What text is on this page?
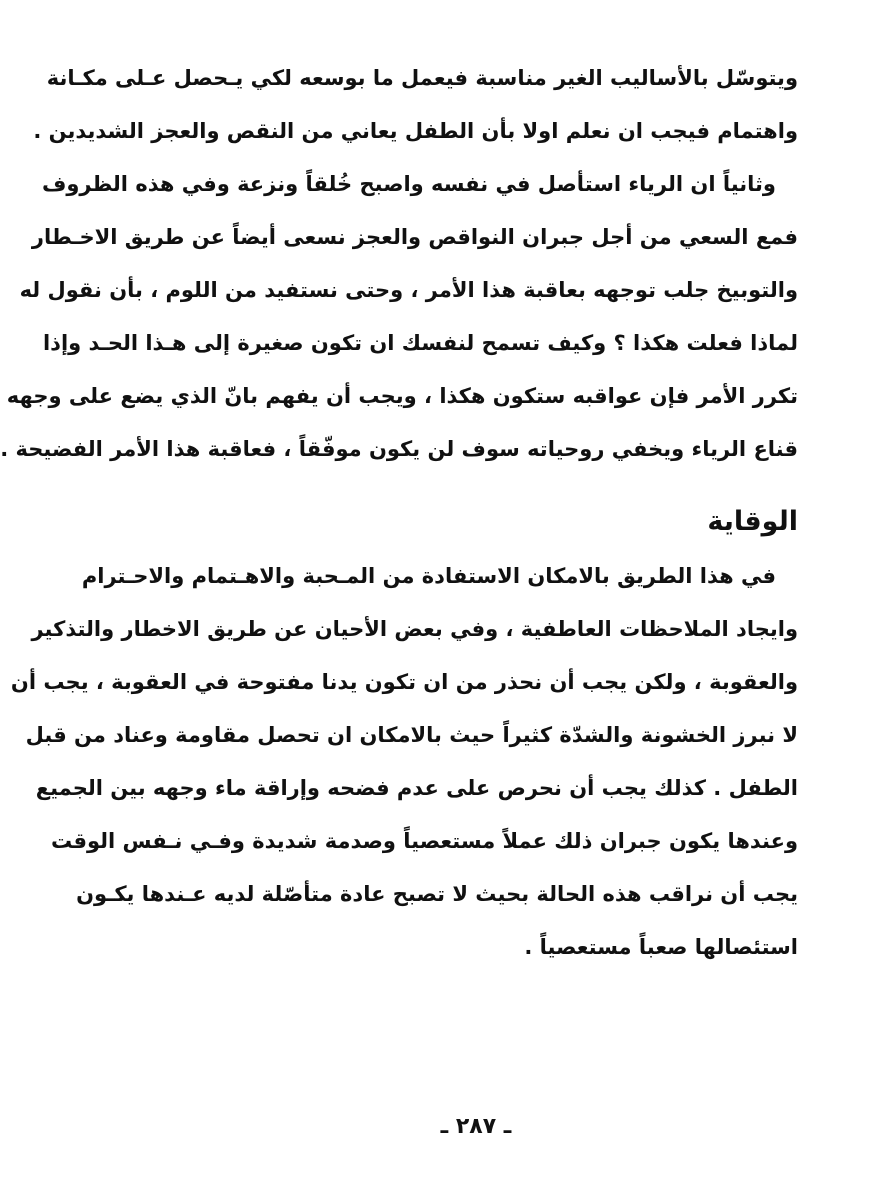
ويتوسّل بالأساليب الغير مناسبة فيعمل ما بوسعه لكي يـحصل عـلى مكـانة
واهتمام فيجب ان نعلم اولا بأن الطفل يعاني من النقص والعجز الشديدين .
وثانياً ان الرياء استأصل في نفسه واصبح خُلقاً ونزعة وفي هذه الظروف
فمع السعي من أجل جبران النواقص والعجز نسعى أيضاً عن طريق الاخـطار
والتوبيخ جلب توجهه بعاقبة هذا الأمر ، وحتى نستفيد من اللوم ، بأن نقول له
لماذا فعلت هكذا ؟ وكيف تسمح لنفسك ان تكون صغيرة إلى هـذا الحـد وإذا
تكرر الأمر فإن عواقبه ستكون هكذا ، ويجب أن يفهم بانّ الذي يضع على وجهه
قناع الرياء ويخفي روحياته سوف لن يكون موفّقاً ، فعاقبة هذا الأمر الفضيحة .
الوقاية
في هذا الطريق بالامكان الاستفادة من المـحبة والاهـتمام والاحـترام
وايجاد الملاحظات العاطفية ، وفي بعض الأحيان عن طريق الاخطار والتذكير
والعقوبة ، ولكن يجب أن نحذر من ان تكون يدنا مفتوحة في العقوبة ، يجب أن
لا نبرز الخشونة والشدّة كثيراً حيث بالامكان ان تحصل مقاومة وعناد من قبل
الطفل . كذلك يجب أن نحرص على عدم فضحه وإراقة ماء وجهه بين الجميع
وعندها يكون جبران ذلك عملاً مستعصياً وصدمة شديدة وفـي نـفس الوقت
يجب أن نراقب هذه الحالة بحيث لا تصبح عادة متأصّلة لديه عـندها يكـون
استئصالها صعباً مستعصياً .
ـ ٢٨٧ ـ
